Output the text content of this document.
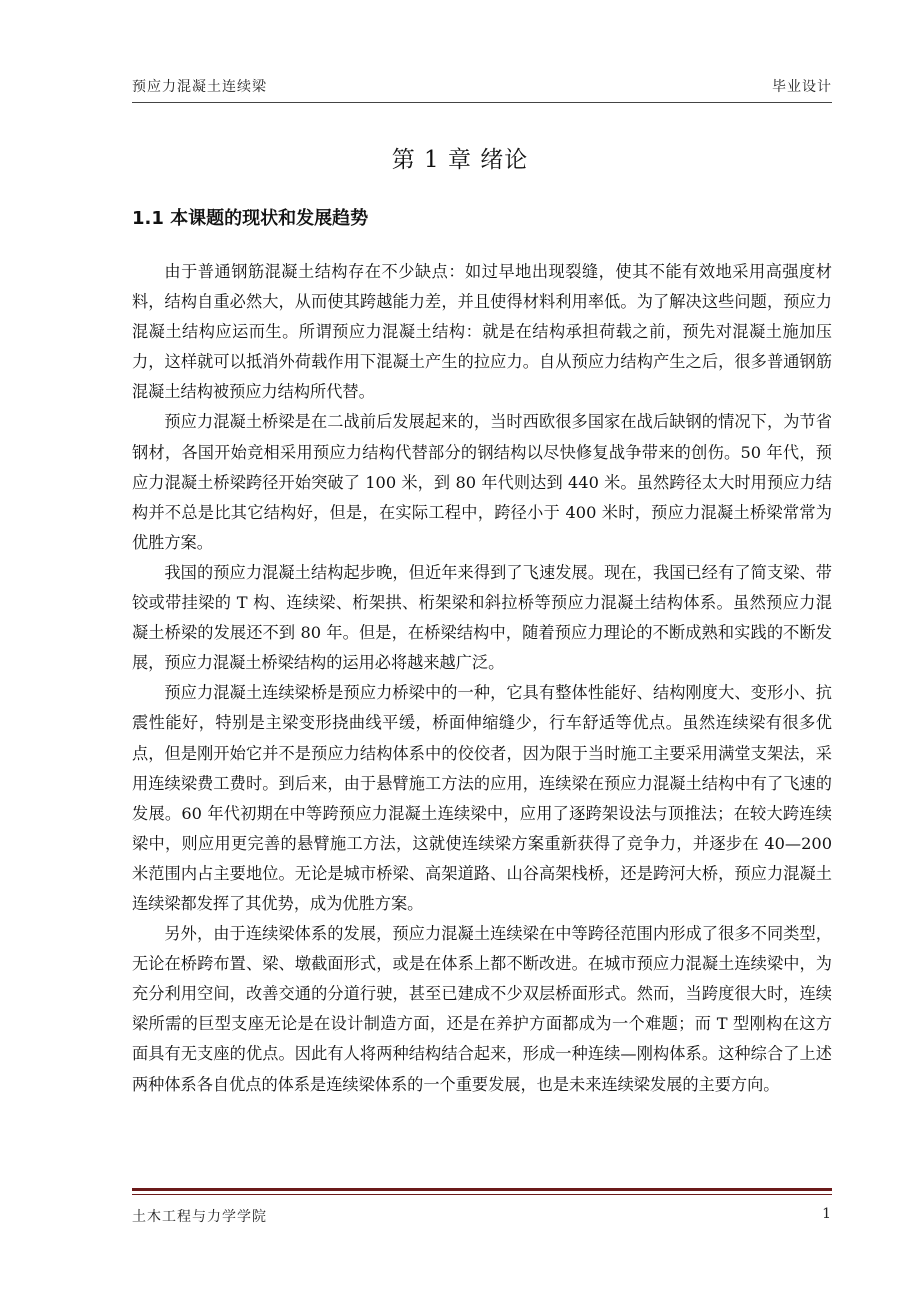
预应力混凝土连续梁	毕业设计
第 1 章 绪论
1.1 本课题的现状和发展趋势

由于普通钢筋混凝土结构存在不少缺点：如过早地出现裂缝，使其不能有效地采用高强度材料，结构自重必然大，从而使其跨越能力差，并且使得材料利用率低。为了解决这些问题，预应力混凝土结构应运而生。所谓预应力混凝土结构：就是在结构承担荷载之前，预先对混凝土施加压力，这样就可以抵消外荷载作用下混凝土产生的拉应力。自从预应力结构产生之后，很多普通钢筋混凝土结构被预应力结构所代替。

预应力混凝土桥梁是在二战前后发展起来的，当时西欧很多国家在战后缺钢的情况下，为节省钢材，各国开始竞相采用预应力结构代替部分的钢结构以尽快修复战争带来的创伤。50 年代，预应力混凝土桥梁跨径开始突破了 100 米，到 80 年代则达到 440 米。虽然跨径太大时用预应力结构并不总是比其它结构好，但是，在实际工程中，跨径小于 400 米时，预应力混凝土桥梁常常为优胜方案。

我国的预应力混凝土结构起步晚，但近年来得到了飞速发展。现在，我国已经有了简支梁、带铰或带挂梁的 T 构、连续梁、桁架拱、桁架梁和斜拉桥等预应力混凝土结构体系。虽然预应力混凝土桥梁的发展还不到 80 年。但是，在桥梁结构中，随着预应力理论的不断成熟和实践的不断发展，预应力混凝土桥梁结构的运用必将越来越广泛。

预应力混凝土连续梁桥是预应力桥梁中的一种，它具有整体性能好、结构刚度大、变形小、抗震性能好，特别是主梁变形挠曲线平缓，桥面伸缩缝少，行车舒适等优点。虽然连续梁有很多优点，但是刚开始它并不是预应力结构体系中的佼佼者，因为限于当时施工主要采用满堂支架法，采用连续梁费工费时。到后来，由于悬臂施工方法的应用，连续梁在预应力混凝土结构中有了飞速的发展。60 年代初期在中等跨预应力混凝土连续梁中，应用了逐跨架设法与顶推法；在较大跨连续梁中，则应用更完善的悬臂施工方法，这就使连续梁方案重新获得了竞争力，并逐步在 40—200 米范围内占主要地位。无论是城市桥梁、高架道路、山谷高架栈桥，还是跨河大桥，预应力混凝土连续梁都发挥了其优势，成为优胜方案。

另外，由于连续梁体系的发展，预应力混凝土连续梁在中等跨径范围内形成了很多不同类型，无论在桥跨布置、梁、墩截面形式，或是在体系上都不断改进。在城市预应力混凝土连续梁中，为充分利用空间，改善交通的分道行驶，甚至已建成不少双层桥面形式。然而，当跨度很大时，连续梁所需的巨型支座无论是在设计制造方面，还是在养护方面都成为一个难题；而 T 型刚构在这方面具有无支座的优点。因此有人将两种结构结合起来，形成一种连续—刚构体系。这种综合了上述两种体系各自优点的体系是连续梁体系的一个重要发展，也是未来连续梁发展的主要方向。

土木工程与力学学院	1
